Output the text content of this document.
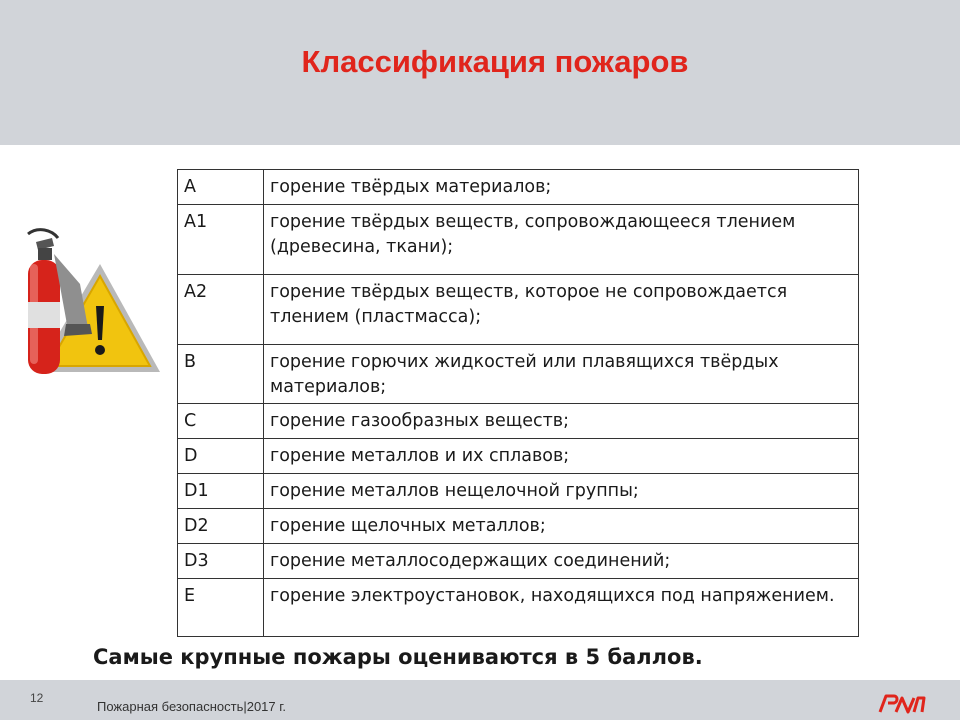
Классификация пожаров
A	горение твёрдых материалов;
A1	горение твёрдых веществ, сопровождающееся тлением (древесина, ткани);
A2	горение твёрдых веществ, которое не сопровождается тлением (пластмасса);
B	горение горючих жидкостей или плавящихся твёрдых материалов;
C	горение газообразных веществ;
D	горение металлов и их сплавов;
D1	горение металлов нещелочной группы;
D2	горение щелочных металлов;
D3	горение металлосодержащих соединений;
E	горение электроустановок, находящихся под напряжением.
Самые крупные пожары оцениваются в 5 баллов.
12
Пожарная безопасность|2017 г.
